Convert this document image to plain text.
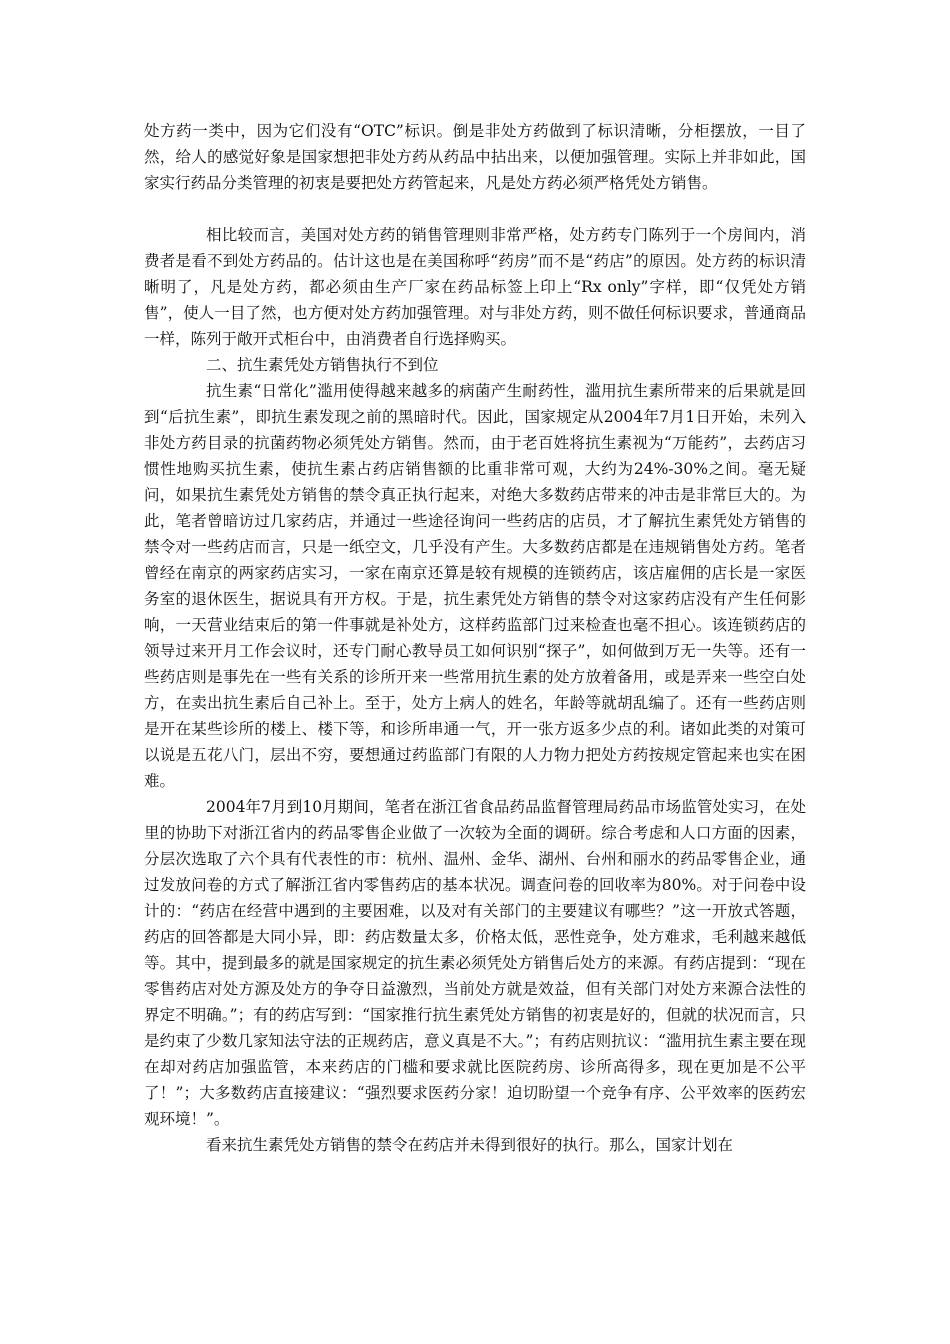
处方药一类中，因为它们没有“OTC”标识。倒是非处方药做到了标识清晰，分柜摆放，一目了然，给人的感觉好象是国家想把非处方药从药品中拈出来，以便加强管理。实际上并非如此，国家实行药品分类管理的初衷是要把处方药管起来，凡是处方药必须严格凭处方销售。

相比较而言，美国对处方药的销售管理则非常严格，处方药专门陈列于一个房间内，消费者是看不到处方药品的。估计这也是在美国称呼“药房”而不是“药店”的原因。处方药的标识清晰明了，凡是处方药，都必须由生产厂家在药品标签上印上“Rx only”字样，即“仅凭处方销售”，使人一目了然，也方便对处方药加强管理。对与非处方药，则不做任何标识要求，普通商品一样，陈列于敞开式柜台中，由消费者自行选择购买。

二、抗生素凭处方销售执行不到位

抗生素“日常化”滥用使得越来越多的病菌产生耐药性，滥用抗生素所带来的后果就是回到“后抗生素”，即抗生素发现之前的黑暗时代。因此，国家规定从2004年7月1日开始，未列入非处方药目录的抗菌药物必须凭处方销售。然而，由于老百姓将抗生素视为“万能药”，去药店习惯性地购买抗生素，使抗生素占药店销售额的比重非常可观，大约为24%-30%之间。毫无疑问，如果抗生素凭处方销售的禁令真正执行起来，对绝大多数药店带来的冲击是非常巨大的。为此，笔者曾暗访过几家药店，并通过一些途径询问一些药店的店员，才了解抗生素凭处方销售的禁令对一些药店而言，只是一纸空文，几乎没有产生。大多数药店都是在违规销售处方药。笔者曾经在南京的两家药店实习，一家在南京还算是较有规模的连锁药店，该店雇佣的店长是一家医务室的退休医生，据说具有开方权。于是，抗生素凭处方销售的禁令对这家药店没有产生任何影响，一天营业结束后的第一件事就是补处方，这样药监部门过来检查也毫不担心。该连锁药店的领导过来开月工作会议时，还专门耐心教导员工如何识别“探子”，如何做到万无一失等。还有一些药店则是事先在一些有关系的诊所开来一些常用抗生素的处方放着备用，或是弄来一些空白处方，在卖出抗生素后自己补上。至于，处方上病人的姓名，年龄等就胡乱编了。还有一些药店则是开在某些诊所的楼上、楼下等，和诊所串通一气，开一张方返多少点的利。诸如此类的对策可以说是五花八门，层出不穷，要想通过药监部门有限的人力物力把处方药按规定管起来也实在困难。

2004年7月到10月期间，笔者在浙江省食品药品监督管理局药品市场监管处实习，在处里的协助下对浙江省内的药品零售企业做了一次较为全面的调研。综合考虑和人口方面的因素，分层次选取了六个具有代表性的市：杭州、温州、金华、湖州、台州和丽水的药品零售企业，通过发放问卷的方式了解浙江省内零售药店的基本状况。调查问卷的回收率为80%。对于问卷中设计的：“药店在经营中遇到的主要困难，以及对有关部门的主要建议有哪些？”这一开放式答题，药店的回答都是大同小异，即：药店数量太多，价格太低，恶性竞争，处方难求，毛利越来越低等。其中，提到最多的就是国家规定的抗生素必须凭处方销售后处方的来源。有药店提到：“现在零售药店对处方源及处方的争夺日益激烈，当前处方就是效益，但有关部门对处方来源合法性的界定不明确。”；有的药店写到：“国家推行抗生素凭处方销售的初衷是好的，但就的状况而言，只是约束了少数几家知法守法的正规药店，意义真是不大。”；有药店则抗议：“滥用抗生素主要在现在却对药店加强监管，本来药店的门槛和要求就比医院药房、诊所高得多，现在更加是不公平了！”；大多数药店直接建议：“强烈要求医药分家！迫切盼望一个竞争有序、公平效率的医药宏观环境！”。

看来抗生素凭处方销售的禁令在药店并未得到很好的执行。那么，国家计划在
